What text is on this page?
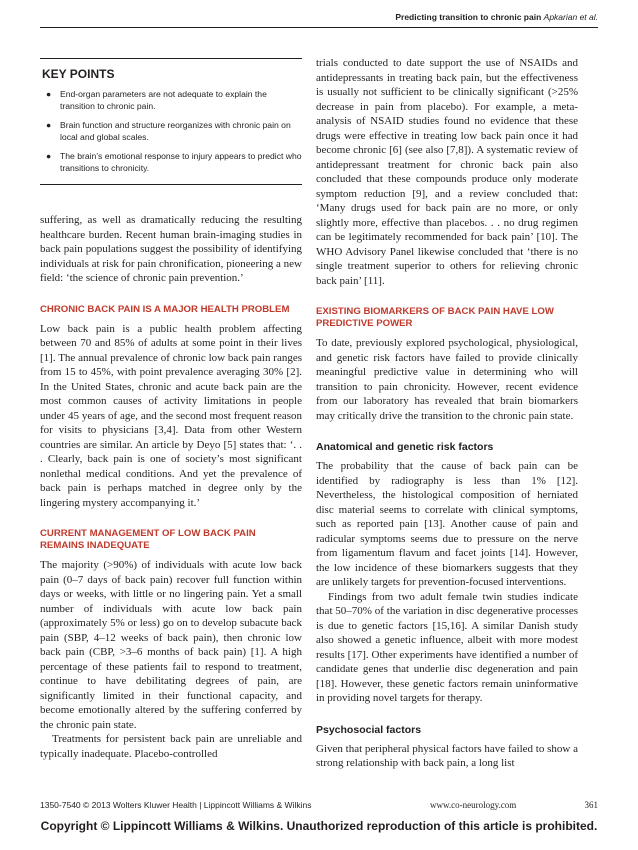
Predicting transition to chronic pain Apkarian et al.
KEY POINTS
● End-organ parameters are not adequate to explain the transition to chronic pain.
● Brain function and structure reorganizes with chronic pain on local and global scales.
● The brain’s emotional response to injury appears to predict who transitions to chronicity.

suffering, as well as dramatically reducing the resulting healthcare burden. Recent human brain-imaging studies in back pain populations suggest the possibility of identifying individuals at risk for pain chronification, pioneering a new field: ‘the science of chronic pain prevention.’

CHRONIC BACK PAIN IS A MAJOR HEALTH PROBLEM

Low back pain is a public health problem affecting between 70 and 85% of adults at some point in their lives [1]. The annual prevalence of chronic low back pain ranges from 15 to 45%, with point prevalence averaging 30% [2]. In the United States, chronic and acute back pain are the most common causes of activity limitations in people under 45 years of age, and the second most frequent reason for visits to physicians [3,4]. Data from other Western countries are similar. An article by Deyo [5] states that: ‘. . . Clearly, back pain is one of society’s most significant nonlethal medical conditions. And yet the prevalence of back pain is perhaps matched in degree only by the lingering mystery accompanying it.’

CURRENT MANAGEMENT OF LOW BACK PAIN REMAINS INADEQUATE

The majority (>90%) of individuals with acute low back pain (0–7 days of back pain) recover full function within days or weeks, with little or no lingering pain. Yet a small number of individuals with acute low back pain (approximately 5% or less) go on to develop subacute back pain (SBP, 4–12 weeks of back pain), then chronic low back pain (CBP, >3–6 months of back pain) [1]. A high percentage of these patients fail to respond to treatment, continue to have debilitating degrees of pain, are significantly limited in their functional capacity, and become emotionally altered by the suffering conferred by the chronic pain state.

Treatments for persistent back pain are unreliable and typically inadequate. Placebo-controlled

trials conducted to date support the use of NSAIDs and antidepressants in treating back pain, but the effectiveness is usually not sufficient to be clinically significant (>25% decrease in pain from placebo). For example, a meta-analysis of NSAID studies found no evidence that these drugs were effective in treating low back pain once it had become chronic [6] (see also [7,8]). A systematic review of antidepressant treatment for chronic back pain also concluded that these compounds produce only moderate symptom reduction [9], and a review concluded that: ‘Many drugs used for back pain are no more, or only slightly more, effective than placebos. . . no drug regimen can be legitimately recommended for back pain’ [10]. The WHO Advisory Panel likewise concluded that ‘there is no single treatment superior to others for relieving chronic back pain’ [11].

EXISTING BIOMARKERS OF BACK PAIN HAVE LOW PREDICTIVE POWER

To date, previously explored psychological, physiological, and genetic risk factors have failed to provide clinically meaningful predictive value in determining who will transition to pain chronicity. However, recent evidence from our laboratory has revealed that brain biomarkers may critically drive the transition to the chronic pain state.

Anatomical and genetic risk factors

The probability that the cause of back pain can be identified by radiography is less than 1% [12]. Nevertheless, the histological composition of herniated disc material seems to correlate with clinical symptoms, such as reported pain [13]. Another cause of pain and radicular symptoms seems due to pressure on the nerve from ligamentum flavum and facet joints [14]. However, the low incidence of these biomarkers suggests that they are unlikely targets for prevention-focused interventions.

Findings from two adult female twin studies indicate that 50–70% of the variation in disc degenerative processes is due to genetic factors [15,16]. A similar Danish study also showed a genetic influence, albeit with more modest results [17]. Other experiments have identified a number of candidate genes that underlie disc degeneration and pain [18]. However, these genetic factors remain uninformative in providing novel targets for therapy.

Psychosocial factors

Given that peripheral physical factors have failed to show a strong relationship with back pain, a long list

1350-7540 © 2013 Wolters Kluwer Health | Lippincott Williams & Wilkins	www.co-neurology.com	361
Copyright © Lippincott Williams & Wilkins. Unauthorized reproduction of this article is prohibited.
